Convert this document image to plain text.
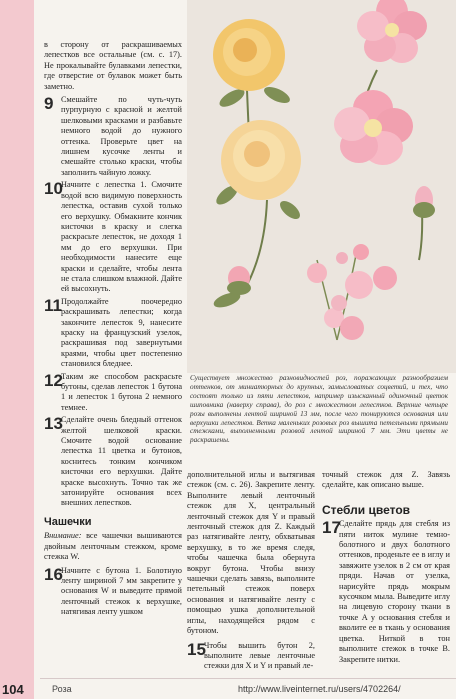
в сторону от раскрашиваемых лепестков все остальные (см. с. 17). Не прокалывайте булавками лепестки, где отверстие от булавок может быть заметно.

9 Смешайте по чуть-чуть пурпурную с красной и желтой шелковыми красками и разбавьте немного водой до нужного оттенка. Проверьте цвет на лишнем кусочке ленты и смешайте столько краски, чтобы заполнить чайную ложку.
10
Начните с лепестка 1. Смочите водой всю видимую поверхность лепестка, оставив сухой только его верхушку. Обмакните кончик кисточки в краску и слегка раскрасьте лепесток, не доходя 1 мм до его верхушки. При необходимости нанесите еще краски и сделайте, чтобы лента не стала слишком влажной. Дайте ей высохнуть.
11 Продолжайте поочередно раскрашивать лепестки; когда закончите лепесток 9, нанесите краску на французский узелок, раскрашивая под завернутыми краями, чтобы цвет постепенно становился бледнее.
12
Таким же способом раскрасьте бутоны, сделав лепесток 1 бутона 1 и лепесток 1 бутона 2 немного темнее.
13
Сделайте очень бледный оттенок желтой шелковой краски. Смочите водой основание лепестка 11 цветка и бутонов, коснитесь тонким кончиком кисточки его верхушки. Дайте краске высохнуть. Точно так же затонируйте основания всех внешних лепестков.
Чашечки

Внимание: все чашечки вышиваются двойным ленточным стежком, кроме стежка W.

16
Начните с бутона 1. Болотную ленту шириной 7 мм закрепите у основания W и выведите прямой ленточный стежок к верхушке, натягивая ленту ушком
Существует множество разновидностей роз, поражающих разнообразием оттенков, от миниатюрных до крупных, замысловатых соцветий, и тех, что состоят только из пяти лепестков, например изысканный одиночный цветок шиповника (наверху справа), до роз с множеством лепестков. Верхние четыре розы выполнены лентой шириной 13 мм, после чего тонируются основания или верхушки лепестков. Ветка маленьких розовых роз вышита петельными прямыми стежками, выполненными розовой лентой шириной 7 мм. Эти цветы не раскрашены.

дополнительной иглы и вытягивая стежок (см. с. 26). Закрепите ленту. Выполните левый ленточный стежок для X, центральный ленточный стежок для Y и правый ленточный стежок для Z. Каждый раз натягивайте ленту, обхватывая верхушку, в то же время следя, чтобы чашечка была обернута вокруг бутона. Чтобы внизу чашечки сделать завязь, выполните петельный стежок поверх основания и натягивайте ленту с помощью ушка дополнительной иглы, находящейся рядом с бутоном.

15
Чтобы вышить бутон 2, выполните левые ленточные стежки для X и Y и правый ле-

точный стежок для Z. Завязь сделайте, как описано выше.

Стебли цветов
17
Сделайте прядь для стебля из пяти ниток мулине темно-болотного и двух болотного оттенков, проденьте ее в иглу и завяжите узелок в 2 см от края пряди. Начав от узелка, нарисуйте прядь мокрым кусочком мыла. Выведите иглу на лицевую сторону ткани в точке A у основания стебля и вколите ее в ткань у основания цветка. Ниткой в тон выполните стежок в точке B. Закрепите нитки.
104	Роза	http://www.liveinternet.ru/users/4702264/
